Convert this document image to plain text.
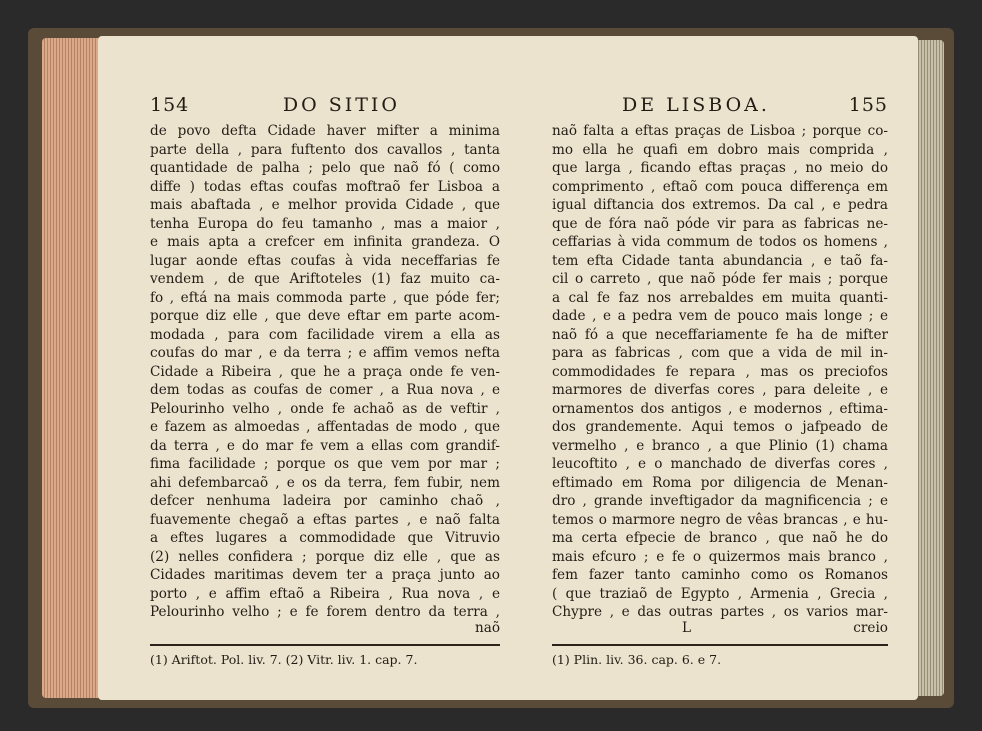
154	DO SITIO
de povo defta Cidade haver mifter a minima
parte della , para fuftento dos cavallos , tanta
quantidade de palha ; pelo que naõ fó ( como
diffe ) todas eftas coufas moftraõ fer Lisboa a
mais abaftada , e melhor provida Cidade , que
tenha Europa do feu tamanho , mas a maior ,
e mais apta a crefcer em infinita grandeza. O
lugar aonde eftas coufas à vida neceffarias fe
vendem , de que Ariftoteles (1) faz muito ca-
fo , eftá na mais commoda parte , que póde fer;
porque diz elle , que deve eftar em parte acom-
modada , para com facilidade virem a ella as
coufas do mar , e da terra ; e affim vemos nefta
Cidade a Ribeira , que he a praça onde fe ven-
dem todas as coufas de comer , a Rua nova , e
Pelourinho velho , onde fe achaõ as de veftir ,
e fazem as almoedas , affentadas de modo , que
da terra , e do mar fe vem a ellas com grandif-
fima facilidade ; porque os que vem por mar ;
ahi defembarcaõ , e os da terra, fem fubir, nem
defcer nenhuma ladeira por caminho chaõ ,
fuavemente chegaõ a eftas partes , e naõ falta
a eftes lugares a commodidade que Vitruvio
(2) nelles confidera ; porque diz elle , que as
Cidades maritimas devem ter a praça junto ao
porto , e affim eftaõ a Ribeira , Rua nova , e
Pelourinho velho ; e fe forem dentro da terra ,
naõ
(1) Ariftot. Pol. liv. 7. (2) Vitr. liv. 1. cap. 7.
DE LISBOA.	155
naõ falta a eftas praças de Lisboa ; porque co-
mo ella he quafi em dobro mais comprida ,
que larga , ficando eftas praças , no meio do
comprimento , eftaõ com pouca differença em
igual diftancia dos extremos. Da cal , e pedra
que de fóra naõ póde vir para as fabricas ne-
ceffarias à vida commum de todos os homens ,
tem efta Cidade tanta abundancia , e taõ fa-
cil o carreto , que naõ póde fer mais ; porque
a cal fe faz nos arrebaldes em muita quanti-
dade , e a pedra vem de pouco mais longe ; e
naõ fó a que neceffariamente fe ha de mifter
para as fabricas , com que a vida de mil in-
commodidades fe repara , mas os preciofos
marmores de diverfas cores , para deleite , e
ornamentos dos antigos , e modernos , eftima-
dos grandemente. Aqui temos o jafpeado de
vermelho , e branco , a que Plinio (1) chama
leucoftito , e o manchado de diverfas cores ,
eftimado em Roma por diligencia de Menan-
dro , grande inveftigador da magnificencia ; e
temos o marmore negro de vêas brancas , e hu-
ma certa efpecie de branco , que naõ he do
mais efcuro ; e fe o quizermos mais branco ,
fem fazer tanto caminho como os Romanos
( que traziaõ de Egypto , Armenia , Grecia ,
Chypre , e das outras partes , os varios mar-
L	creio
(1) Plin. liv. 36. cap. 6. e 7.
